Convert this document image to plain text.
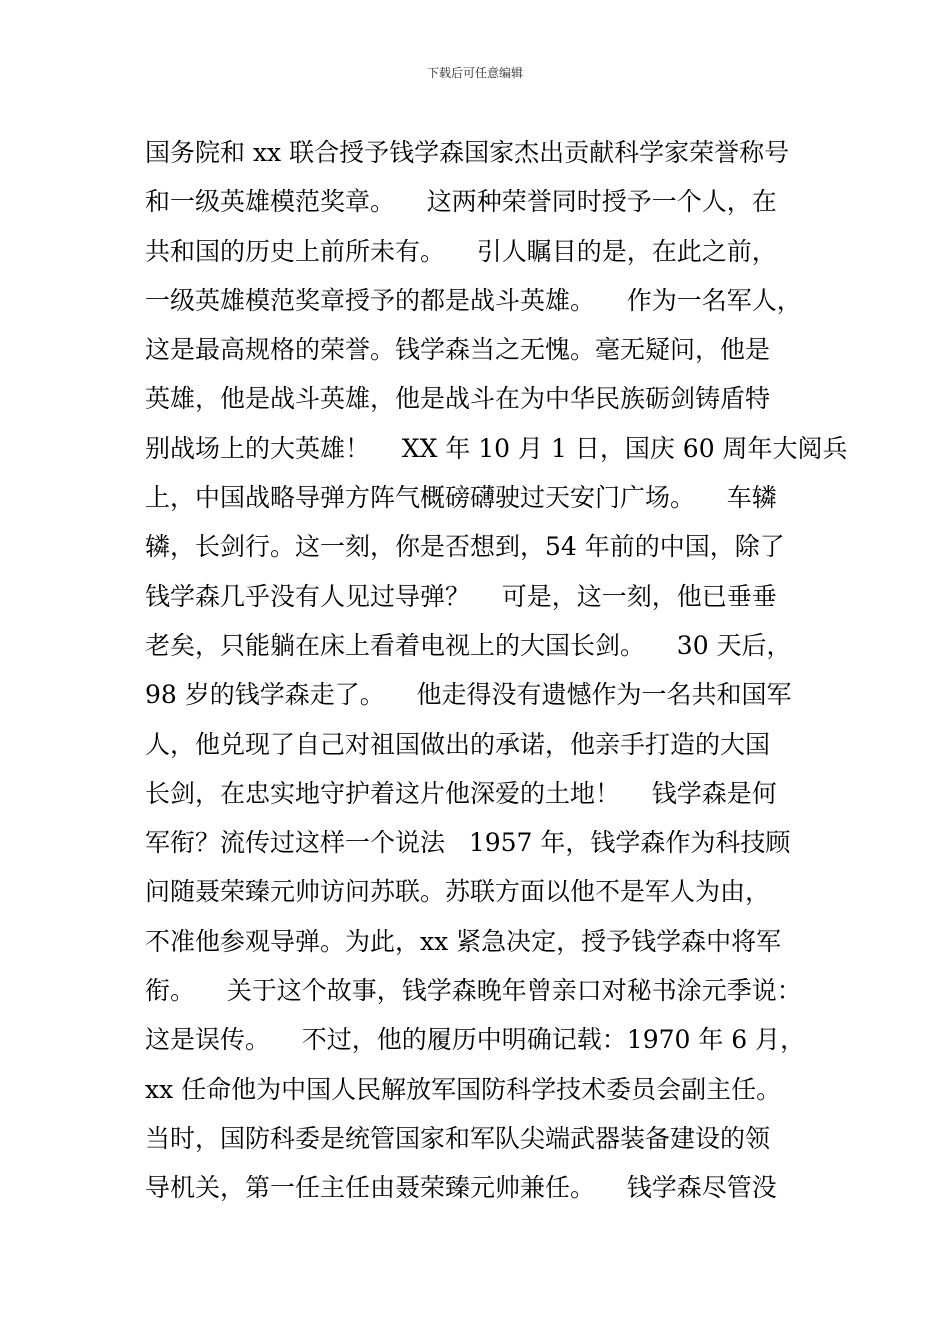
下载后可任意编辑
国务院和 xx 联合授予钱学森国家杰出贡献科学家荣誉称号
和一级英雄模范奖章。    这两种荣誉同时授予一个人，在
共和国的历史上前所未有。    引人瞩目的是，在此之前，
一级英雄模范奖章授予的都是战斗英雄。    作为一名军人，
这是最高规格的荣誉。钱学森当之无愧。毫无疑问，他是
英雄，他是战斗英雄，他是战斗在为中华民族砺剑铸盾特
别战场上的大英雄！    XX 年 10 月 1 日，国庆 60 周年大阅兵
上，中国战略导弹方阵气概磅礴驶过天安门广场。    车辚
辚，长剑行。这一刻，你是否想到，54 年前的中国，除了
钱学森几乎没有人见过导弹？    可是，这一刻，他已垂垂
老矣，只能躺在床上看着电视上的大国长剑。    30 天后，
98 岁的钱学森走了。    他走得没有遗憾作为一名共和国军
人，他兑现了自己对祖国做出的承诺，他亲手打造的大国
长剑，在忠实地守护着这片他深爱的土地！    钱学森是何
军衔？流传过这样一个说法   1957 年，钱学森作为科技顾
问随聂荣臻元帅访问苏联。苏联方面以他不是军人为由，
不准他参观导弹。为此，xx 紧急决定，授予钱学森中将军
衔。    关于这个故事，钱学森晚年曾亲口对秘书涂元季说：
这是误传。    不过，他的履历中明确记载：1970 年 6 月，
xx 任命他为中国人民解放军国防科学技术委员会副主任。
当时，国防科委是统管国家和军队尖端武器装备建设的领
导机关，第一任主任由聂荣臻元帅兼任。    钱学森尽管没
